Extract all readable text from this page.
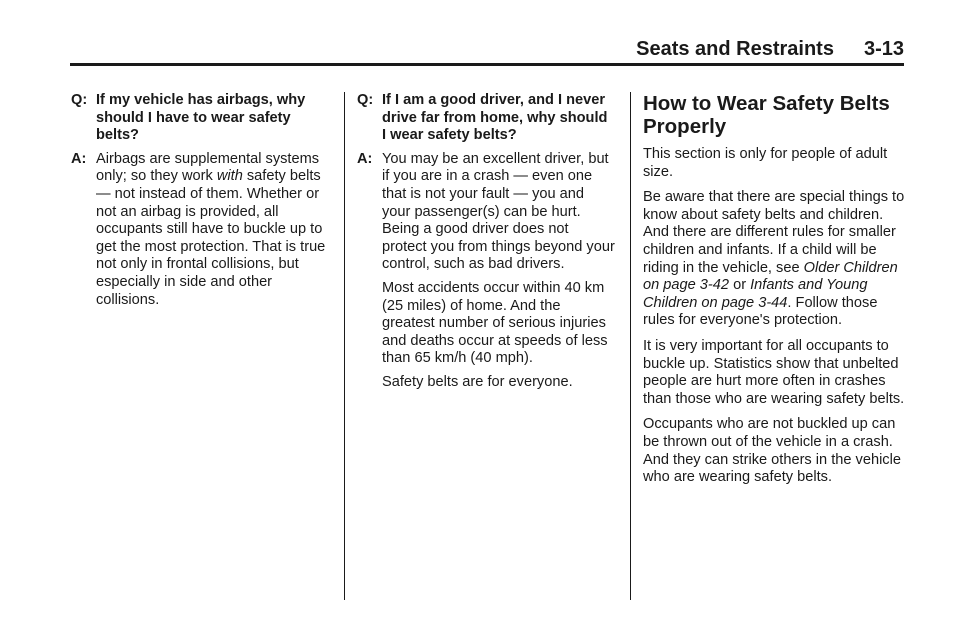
Seats and Restraints 3-13
Q: If my vehicle has airbags, why should I have to wear safety belts?
A: Airbags are supplemental systems only; so they work with safety belts — not instead of them. Whether or not an airbag is provided, all occupants still have to buckle up to get the most protection. That is true not only in frontal collisions, but especially in side and other collisions.
Q: If I am a good driver, and I never drive far from home, why should I wear safety belts?
A: You may be an excellent driver, but if you are in a crash — even one that is not your fault — you and your passenger(s) can be hurt. Being a good driver does not protect you from things beyond your control, such as bad drivers.
Most accidents occur within 40 km (25 miles) of home. And the greatest number of serious injuries and deaths occur at speeds of less than 65 km/h (40 mph).
Safety belts are for everyone.
How to Wear Safety Belts Properly

This section is only for people of adult size.

Be aware that there are special things to know about safety belts and children. And there are different rules for smaller children and infants. If a child will be riding in the vehicle, see Older Children on page 3-42 or Infants and Young Children on page 3-44. Follow those rules for everyone's protection.

It is very important for all occupants to buckle up. Statistics show that unbelted people are hurt more often in crashes than those who are wearing safety belts.

Occupants who are not buckled up can be thrown out of the vehicle in a crash. And they can strike others in the vehicle who are wearing safety belts.
